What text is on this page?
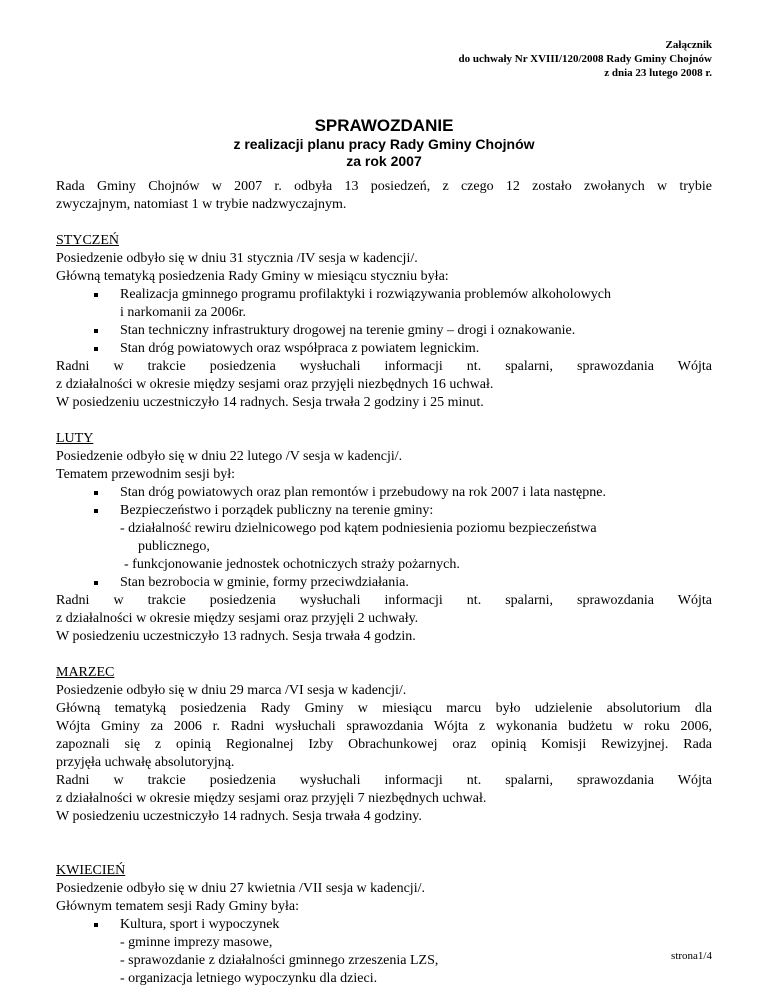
Załącznik
do uchwały Nr XVIII/120/2008 Rady Gminy Chojnów
z dnia 23 lutego 2008 r.
SPRAWOZDANIE
z realizacji planu pracy Rady Gminy Chojnów
za rok 2007

Rada Gminy Chojnów w 2007 r. odbyła 13 posiedzeń, z czego 12 zostało zwołanych w trybie

zwyczajnym, natomiast 1 w trybie nadzwyczajnym.

STYCZEŃ

Posiedzenie odbyło się w dniu 31 stycznia /IV sesja w kadencji/.

Główną tematyką posiedzenia Rady Gminy w miesiącu styczniu była:

Realizacja gminnego programu profilaktyki i rozwiązywania problemów alkoholowych
i narkomanii za 2006r.
Stan techniczny infrastruktury drogowej na terenie gminy – drogi i oznakowanie.
Stan dróg powiatowych oraz współpraca z powiatem legnickim.

Radni w trakcie posiedzenia wysłuchali informacji nt. spalarni, sprawozdania Wójta

z działalności w okresie między sesjami oraz przyjęli niezbędnych 16 uchwał.

W posiedzeniu uczestniczyło 14 radnych. Sesja trwała 2 godziny i 25 minut.

LUTY

Posiedzenie odbyło się w dniu 22 lutego /V sesja w kadencji/.

Tematem przewodnim sesji był:

Stan dróg powiatowych oraz plan remontów i przebudowy na rok 2007 i lata następne.
Bezpieczeństwo i porządek publiczny na terenie gminy:

- działalność rewiru dzielnicowego pod kątem podniesienia poziomu bezpieczeństwa

publicznego,

- funkcjonowanie jednostek ochotniczych straży pożarnych.

Stan bezrobocia w gminie, formy przeciwdziałania.

Radni w trakcie posiedzenia wysłuchali informacji nt. spalarni, sprawozdania Wójta

z działalności w okresie między sesjami oraz przyjęli 2 uchwały.

W posiedzeniu uczestniczyło 13 radnych. Sesja trwała 4 godzin.

MARZEC

Posiedzenie odbyło się w dniu 29 marca /VI sesja w kadencji/.

Główną tematyką posiedzenia Rady Gminy w miesiącu marcu było udzielenie absolutorium dla

Wójta Gminy za 2006 r. Radni wysłuchali sprawozdania Wójta z wykonania budżetu w roku 2006,

zapoznali się z opinią Regionalnej Izby Obrachunkowej oraz opinią Komisji Rewizyjnej. Rada

przyjęła uchwałę absolutoryjną.

Radni w trakcie posiedzenia wysłuchali informacji nt. spalarni, sprawozdania Wójta

z działalności w okresie między sesjami oraz przyjęli 7 niezbędnych uchwał.

W posiedzeniu uczestniczyło 14 radnych. Sesja trwała 4 godziny.

KWIECIEŃ

Posiedzenie odbyło się w dniu 27 kwietnia /VII sesja w kadencji/.

Głównym tematem sesji Rady Gminy była:

Kultura, sport i wypoczynek

- gminne imprezy masowe,

- sprawozdanie z działalności gminnego zrzeszenia LZS,

- organizacja letniego wypoczynku dla dzieci.

strona1/4
